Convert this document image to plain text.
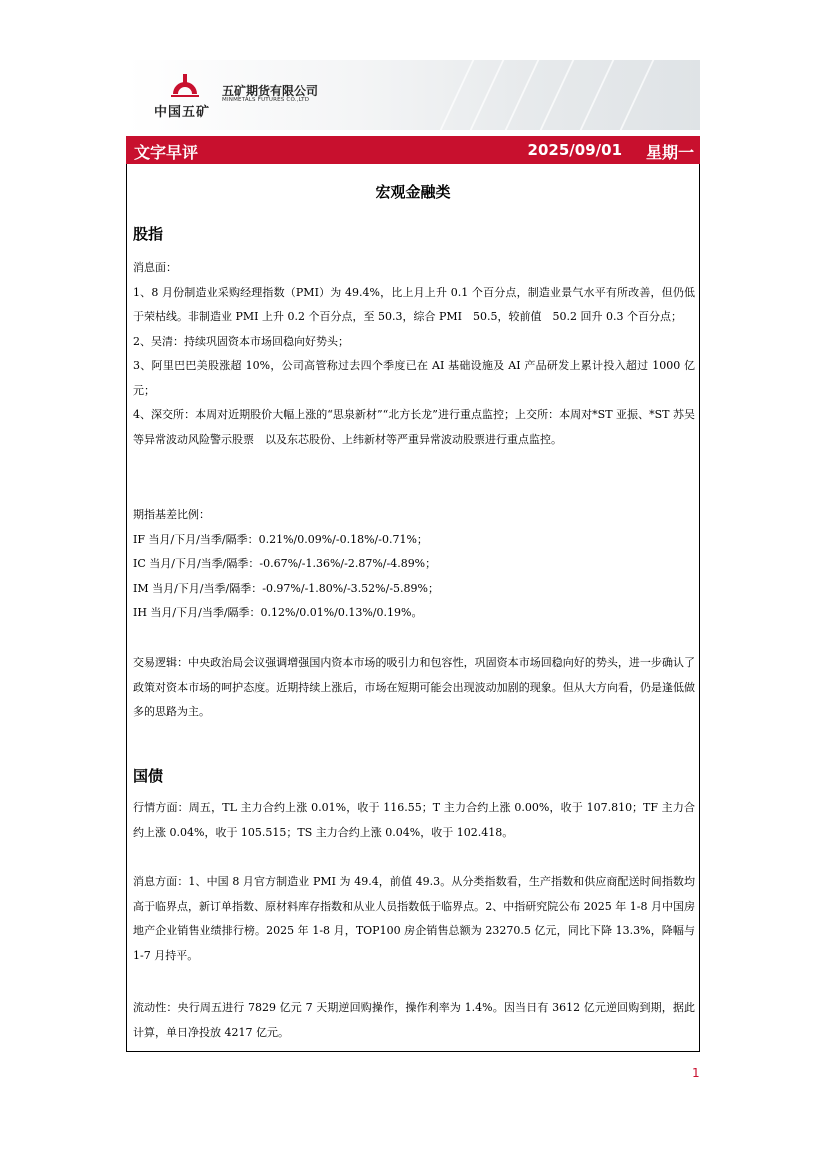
中国五矿
五矿期货有限公司
MINMETALS FUTURES CO.,LTD
文字早评	2025/09/01 星期一
宏观金融类
股指

消息面：

1、8 月份制造业采购经理指数（PMI）为 49.4%，比上月上升 0.1 个百分点，制造业景气水平有所改善，但仍低于荣枯线。非制造业 PMI 上升 0.2 个百分点，至 50.3，综合 PMI　50.5，较前值　50.2 回升 0.3 个百分点；

2、吴清：持续巩固资本市场回稳向好势头；

3、阿里巴巴美股涨超 10%，公司高管称过去四个季度已在 AI 基础设施及 AI 产品研发上累计投入超过 1000 亿元；

4、深交所：本周对近期股价大幅上涨的“思泉新材”“北方长龙”进行重点监控；上交所：本周对*ST 亚振、*ST 苏吴等异常波动风险警示股票　以及东芯股份、上纬新材等严重异常波动股票进行重点监控。

期指基差比例：

IF 当月/下月/当季/隔季：0.21%/0.09%/-0.18%/-0.71%；

IC 当月/下月/当季/隔季：-0.67%/-1.36%/-2.87%/-4.89%；

IM 当月/下月/当季/隔季：-0.97%/-1.80%/-3.52%/-5.89%；

IH 当月/下月/当季/隔季：0.12%/0.01%/0.13%/0.19%。

交易逻辑：中央政治局会议强调增强国内资本市场的吸引力和包容性，巩固资本市场回稳向好的势头，进一步确认了政策对资本市场的呵护态度。近期持续上涨后，市场在短期可能会出现波动加剧的现象。但从大方向看，仍是逢低做多的思路为主。

国债

行情方面：周五，TL 主力合约上涨 0.01%，收于 116.55；T 主力合约上涨 0.00%，收于 107.810；TF 主力合约上涨 0.04%，收于 105.515；TS 主力合约上涨 0.04%，收于 102.418。

消息方面：1、中国 8 月官方制造业 PMI 为 49.4，前值 49.3。从分类指数看，生产指数和供应商配送时间指数均高于临界点，新订单指数、原材料库存指数和从业人员指数低于临界点。2、中指研究院公布 2025 年 1-8 月中国房地产企业销售业绩排行榜。2025 年 1-8 月，TOP100 房企销售总额为 23270.5 亿元，同比下降 13.3%，降幅与 1-7 月持平。

流动性：央行周五进行 7829 亿元 7 天期逆回购操作，操作利率为 1.4%。因当日有 3612 亿元逆回购到期，据此计算，单日净投放 4217 亿元。

1
